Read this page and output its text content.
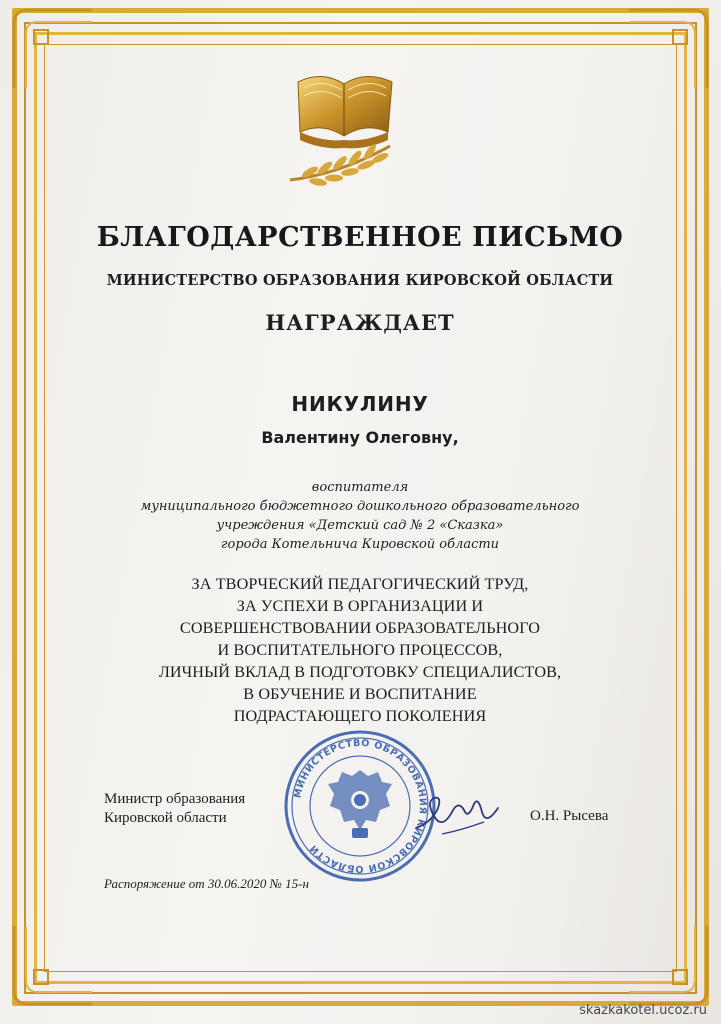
БЛАГОДАРСТВЕННОЕ ПИСЬМО
МИНИСТЕРСТВО ОБРАЗОВАНИЯ КИРОВСКОЙ ОБЛАСТИ
НАГРАЖДАЕТ
НИКУЛИНУ
Валентину Олеговну,
воспитателя
муниципального бюджетного дошкольного образовательного
учреждения «Детский сад № 2 «Сказка»
города Котельнича Кировской области
ЗА ТВОРЧЕСКИЙ ПЕДАГОГИЧЕСКИЙ ТРУД,
ЗА УСПЕХИ В ОРГАНИЗАЦИИ И
СОВЕРШЕНСТВОВАНИИ ОБРАЗОВАТЕЛЬНОГО
И ВОСПИТАТЕЛЬНОГО ПРОЦЕССОВ,
ЛИЧНЫЙ ВКЛАД В ПОДГОТОВКУ СПЕЦИАЛИСТОВ,
В ОБУЧЕНИЕ И ВОСПИТАНИЕ
ПОДРАСТАЮЩЕГО ПОКОЛЕНИЯ
Министр образования
Кировской области
МИНИСТЕРСТВО ОБРАЗОВАНИЯ КИРОВСКОЙ ОБЛАСТИ
О.Н. Рысева
Распоряжение от 30.06.2020 № 15-н
skazkakotel.ucoz.ru
